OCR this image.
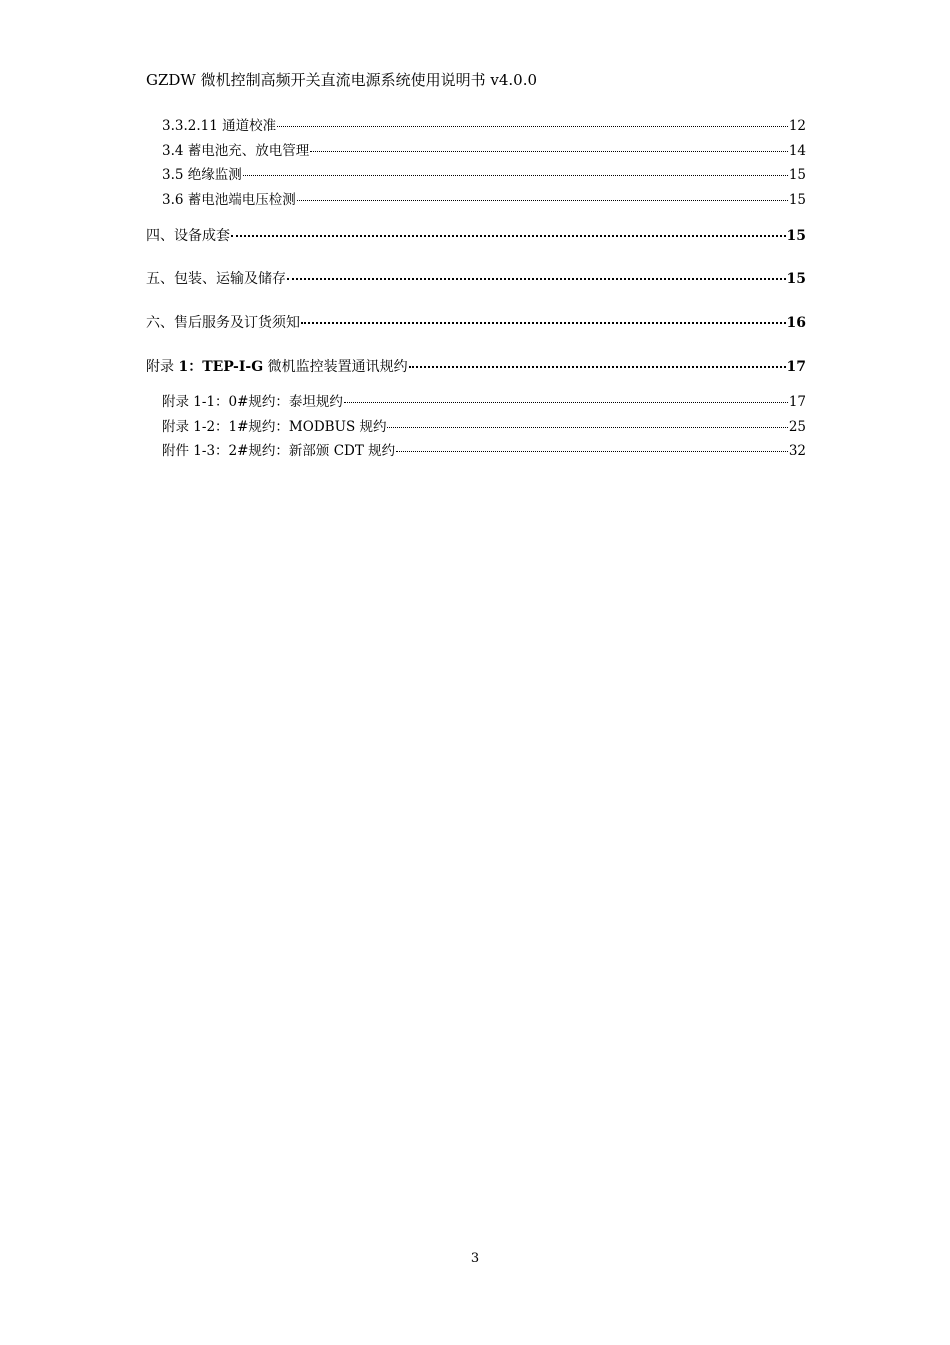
GZDW 微机控制高频开关直流电源系统使用说明书 v4.0.0
3.3.2.11 通道校准	12
3.4 蓄电池充、放电管理	14
3.5 绝缘监测	15
3.6 蓄电池端电压检测	15
四、设备成套	15
五、包装、运输及储存	15
六、售后服务及订货须知	16
附录 1：TEP-I-G 微机监控装置通讯规约	17
附录 1-1：0#规约：泰坦规约	17
附录 1-2：1#规约：MODBUS 规约	25
附件 1-3：2#规约：新部颁 CDT 规约	32
3
